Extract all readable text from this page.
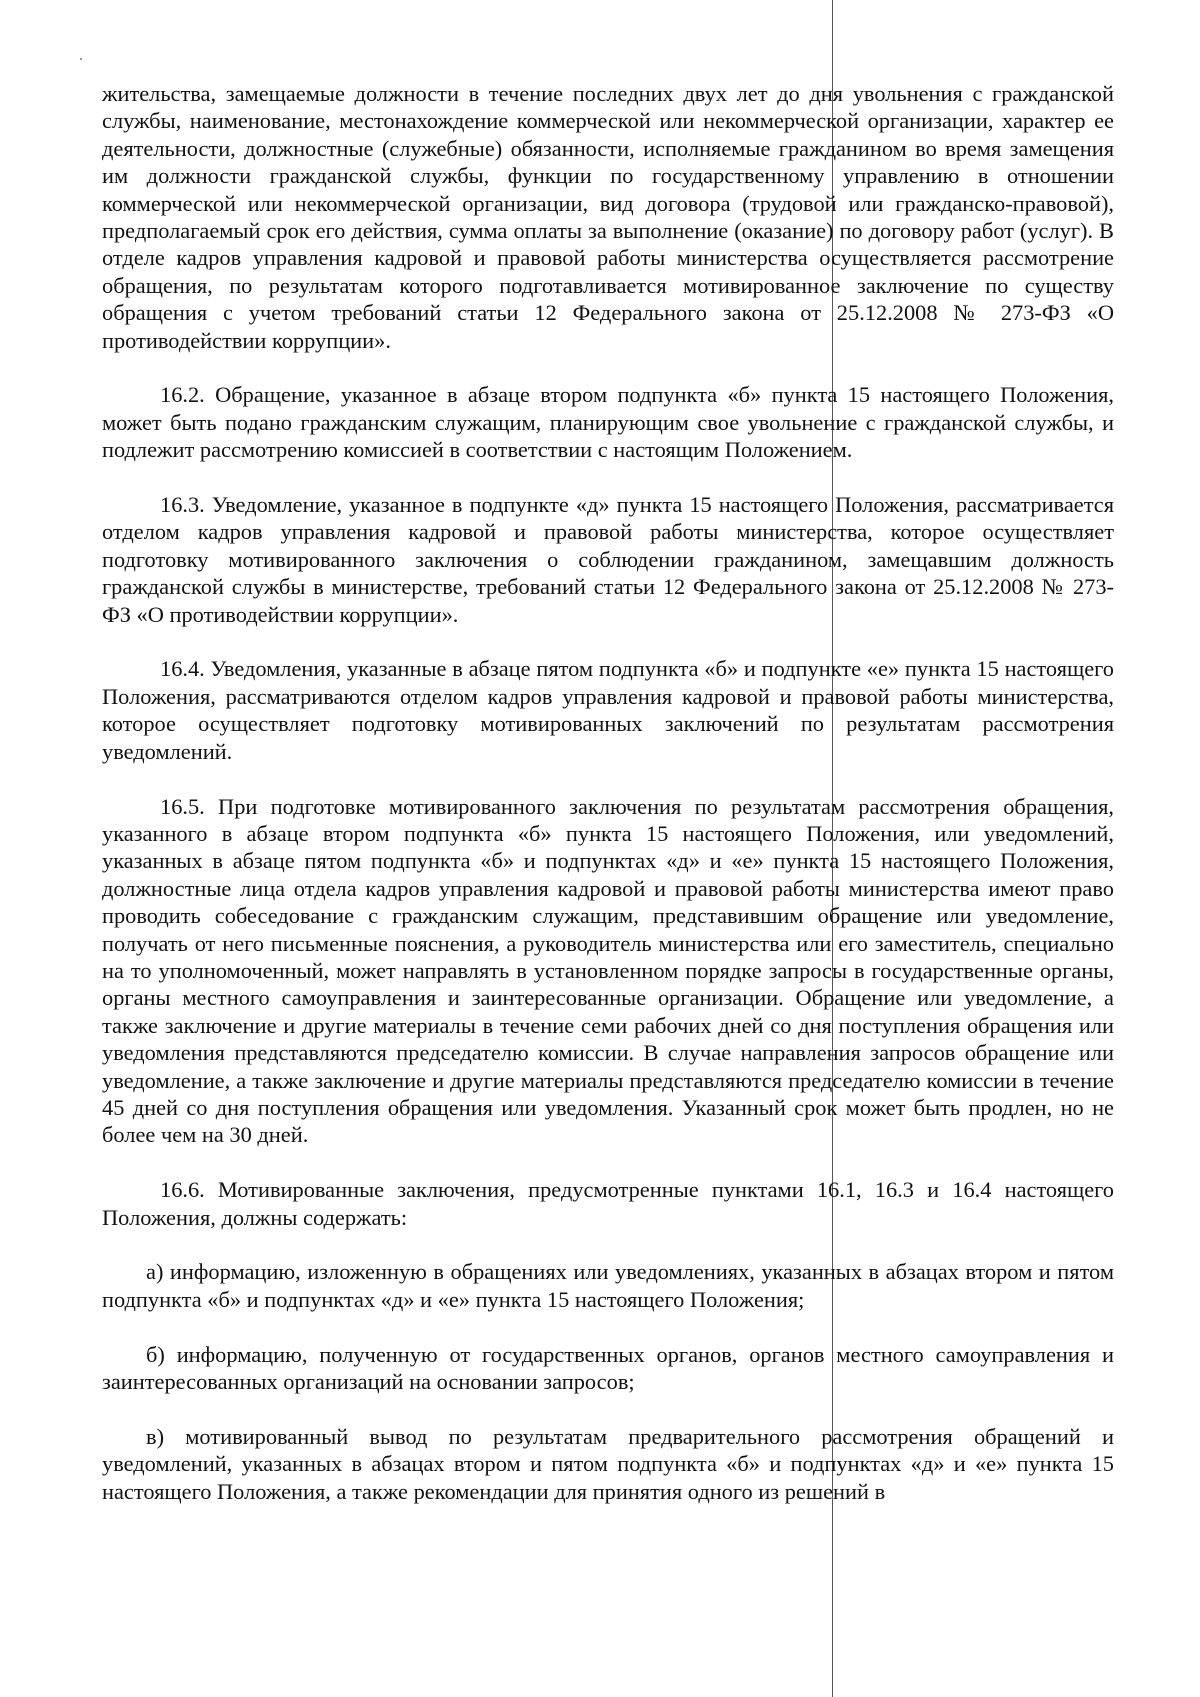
жительства, замещаемые должности в течение последних двух лет до дня увольнения с гражданской службы, наименование, местонахождение коммерческой или некоммерческой организации, характер ее деятельности, должностные (служебные) обязанности, исполняемые гражданином во время замещения им должности гражданской службы, функции по государственному управлению в отношении коммерческой или некоммерческой организации, вид договора (трудовой или гражданско-правовой), предполагаемый срок его действия, сумма оплаты за выполнение (оказание) по договору работ (услуг). В отделе кадров управления кадровой и правовой работы министерства осуществляется рассмотрение обращения, по результатам которого подготавливается мотивированное заключение по существу обращения с учетом требований статьи 12 Федерального закона от 25.12.2008 № 273-ФЗ «О противодействии коррупции».

16.2. Обращение, указанное в абзаце втором подпункта «б» пункта 15 настоящего Положения, может быть подано гражданским служащим, планирующим свое увольнение с гражданской службы, и подлежит рассмотрению комиссией в соответствии с настоящим Положением.

16.3. Уведомление, указанное в подпункте «д» пункта 15 настоящего Положения, рассматривается отделом кадров управления кадровой и правовой работы министерства, которое осуществляет подготовку мотивированного заключения о соблюдении гражданином, замещавшим должность гражданской службы в министерстве, требований статьи 12 Федерального закона от 25.12.2008 № 273-ФЗ «О противодействии коррупции».

16.4. Уведомления, указанные в абзаце пятом подпункта «б» и подпункте «е» пункта 15 настоящего Положения, рассматриваются отделом кадров управления кадровой и правовой работы министерства, которое осуществляет подготовку мотивированных заключений по результатам рассмотрения уведомлений.

16.5. При подготовке мотивированного заключения по результатам рассмотрения обращения, указанного в абзаце втором подпункта «б» пункта 15 настоящего Положения, или уведомлений, указанных в абзаце пятом подпункта «б» и подпунктах «д» и «е» пункта 15 настоящего Положения, должностные лица отдела кадров управления кадровой и правовой работы министерства имеют право проводить собеседование с гражданским служащим, представившим обращение или уведомление, получать от него письменные пояснения, а руководитель министерства или его заместитель, специально на то уполномоченный, может направлять в установленном порядке запросы в государственные органы, органы местного самоуправления и заинтересованные организации. Обращение или уведомление, а также заключение и другие материалы в течение семи рабочих дней со дня поступления обращения или уведомления представляются председателю комиссии. В случае направления запросов обращение или уведомление, а также заключение и другие материалы представляются председателю комиссии в течение 45 дней со дня поступления обращения или уведомления. Указанный срок может быть продлен, но не более чем на 30 дней.

16.6. Мотивированные заключения, предусмотренные пунктами 16.1, 16.3 и 16.4 настоящего Положения, должны содержать:

а) информацию, изложенную в обращениях или уведомлениях, указанных в абзацах втором и пятом подпункта «б» и подпунктах «д» и «е» пункта 15 настоящего Положения;

б) информацию, полученную от государственных органов, органов местного самоуправления и заинтересованных организаций на основании запросов;

в) мотивированный вывод по результатам предварительного рассмотрения обращений и уведомлений, указанных в абзацах втором и пятом подпункта «б» и подпунктах «д» и «е» пункта 15 настоящего Положения, а также рекомендации для принятия одного из решений в
